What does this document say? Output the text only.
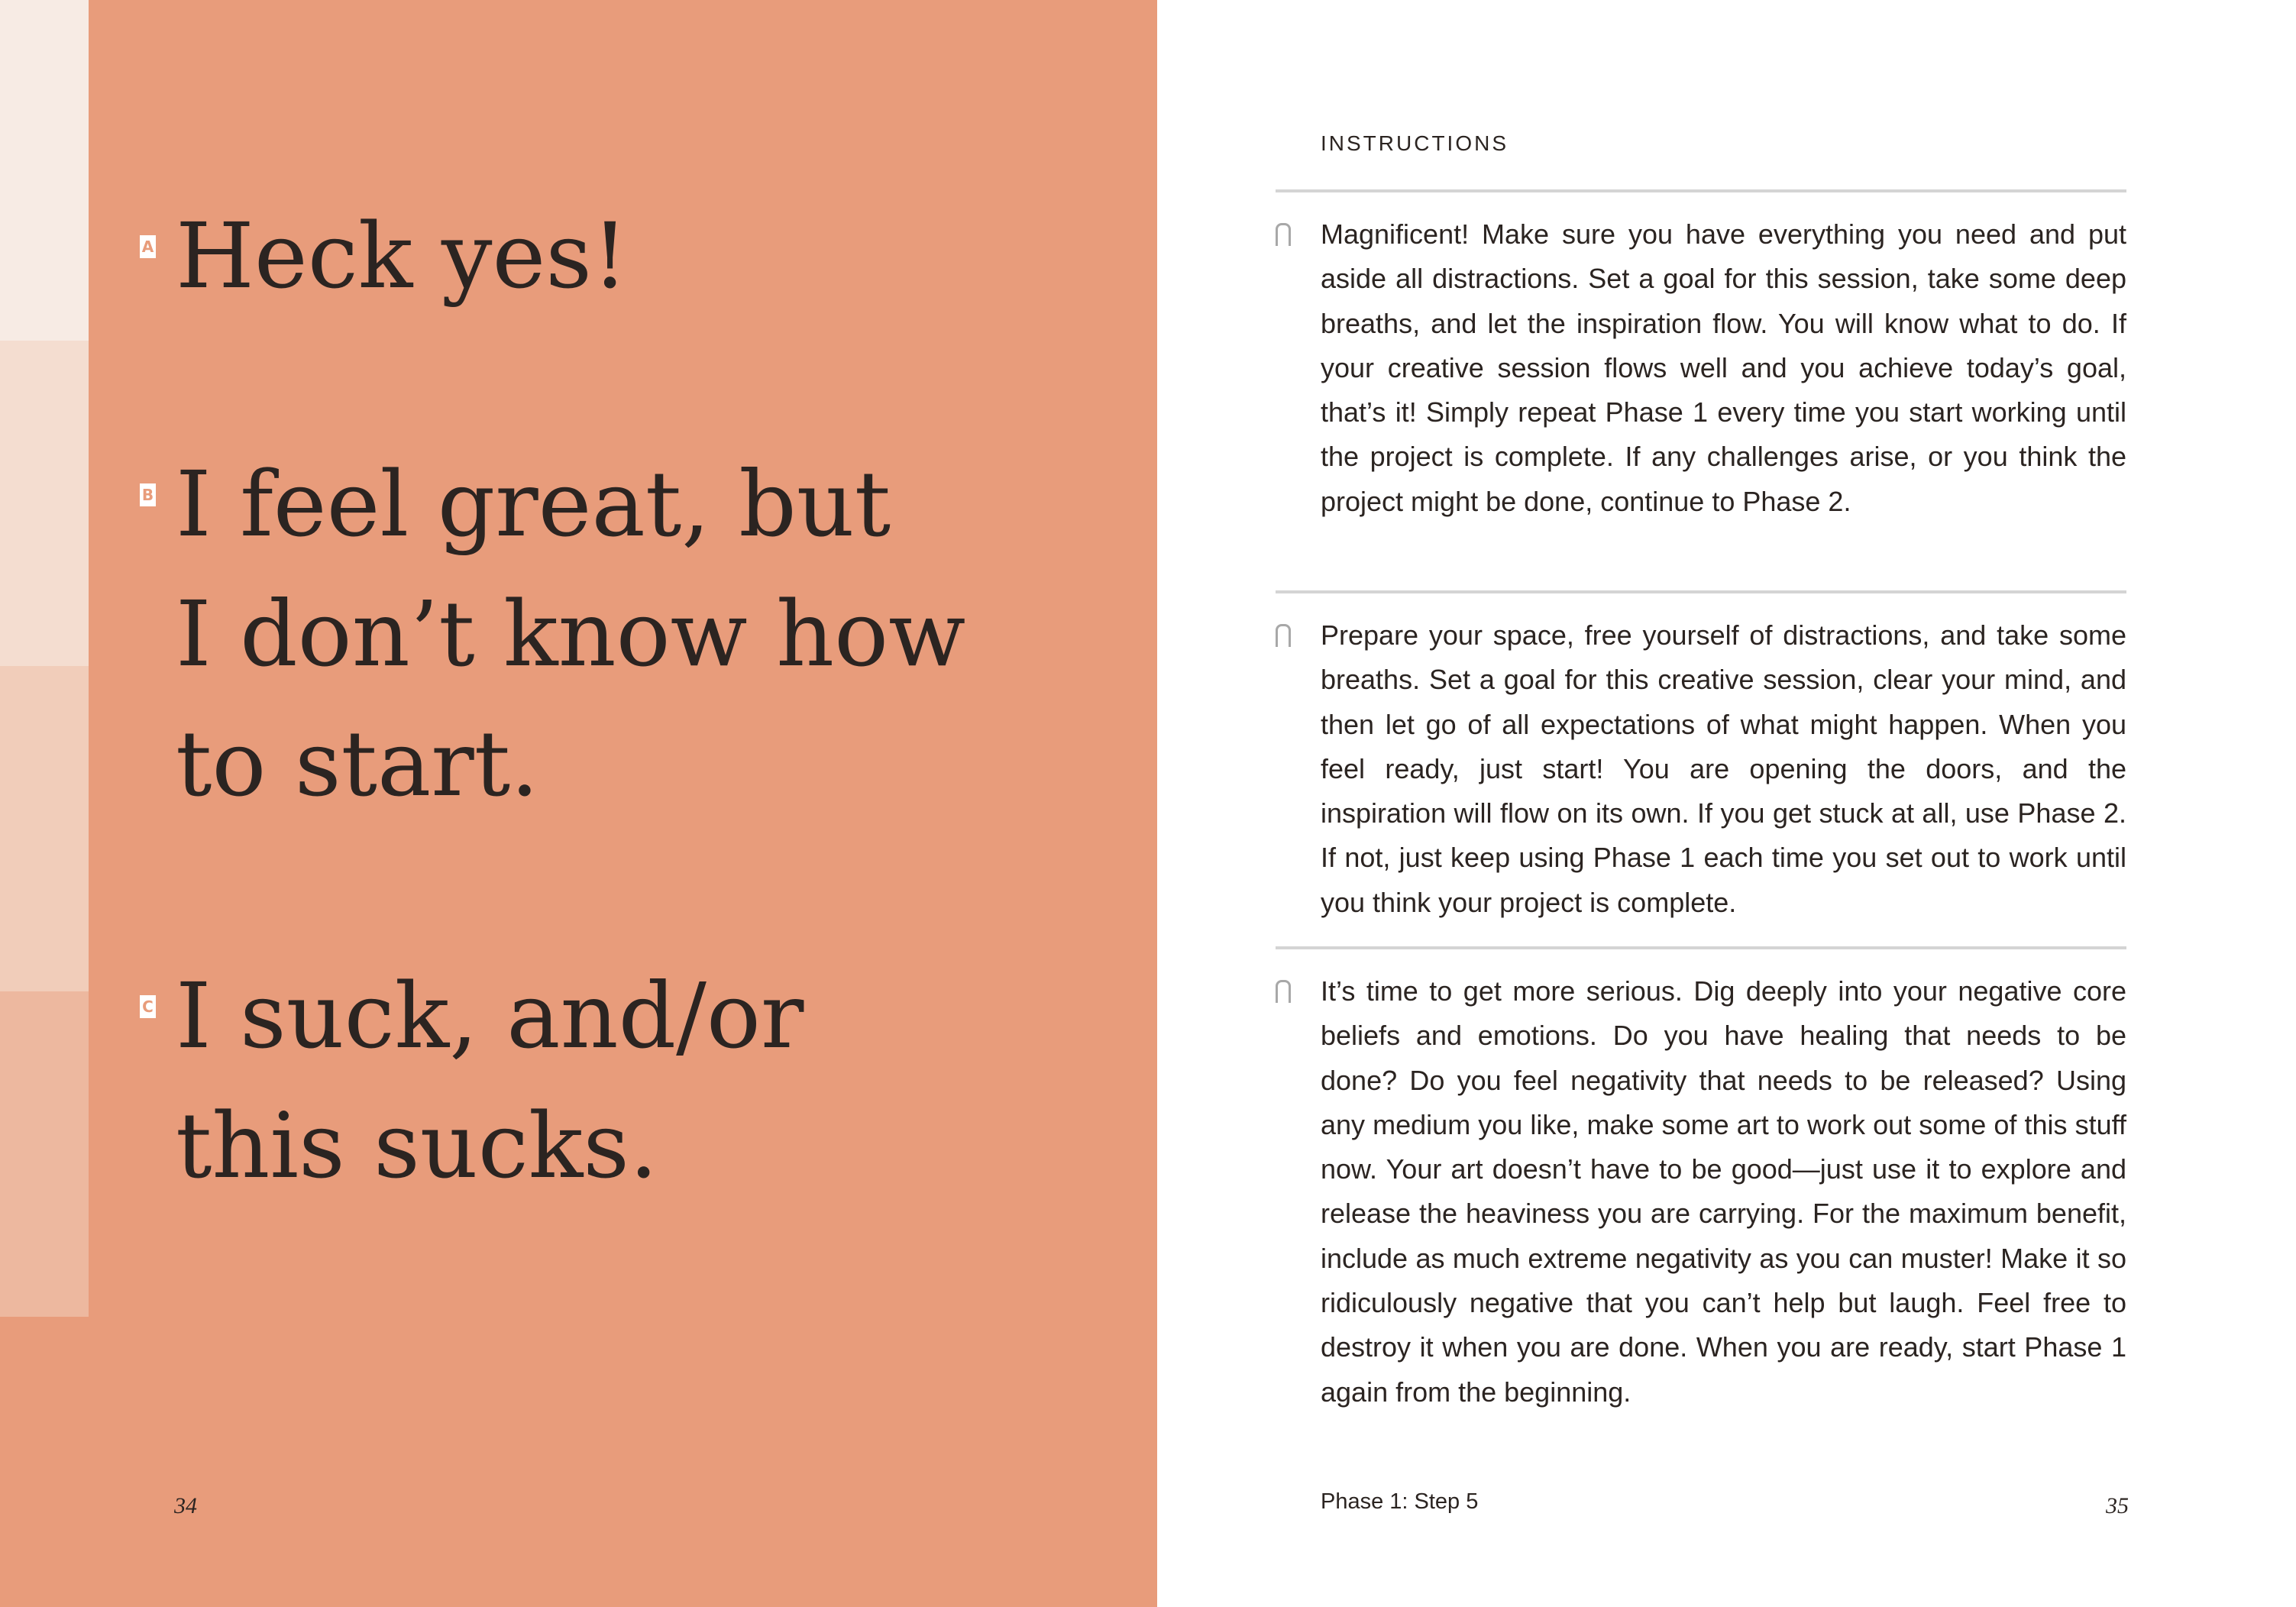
A Heck yes!
B I feel great, but
I don’t know how
to start.
C I suck, and/or
this sucks.
34
INSTRUCTIONS
Magnificent! Make sure you have everything you need and put aside all distractions. Set a goal for this session, take some deep breaths, and let the inspiration flow. You will know what to do. If your creative session flows well and you achieve today’s goal, that’s it! Simply repeat Phase 1 every time you start working until the project is complete. If any challenges arise, or you think the project might be done, continue to Phase 2.
Prepare your space, free yourself of distractions, and take some breaths. Set a goal for this creative session, clear your mind, and then let go of all expectations of what might happen. When you feel ready, just start! You are opening the doors, and the inspiration will flow on its own. If you get stuck at all, use Phase 2. If not, just keep using Phase 1 each time you set out to work until you think your project is complete.
It’s time to get more serious. Dig deeply into your negative core beliefs and emotions. Do you have healing that needs to be done? Do you feel negativity that needs to be released? Using any medium you like, make some art to work out some of this stuff now. Your art doesn’t have to be good—just use it to explore and release the heaviness you are carrying. For the maximum benefit, include as much extreme negativity as you can muster! Make it so ridiculously negative that you can’t help but laugh. Feel free to destroy it when you are done. When you are ready, start Phase 1 again from the beginning.
Phase 1: Step 5	35
